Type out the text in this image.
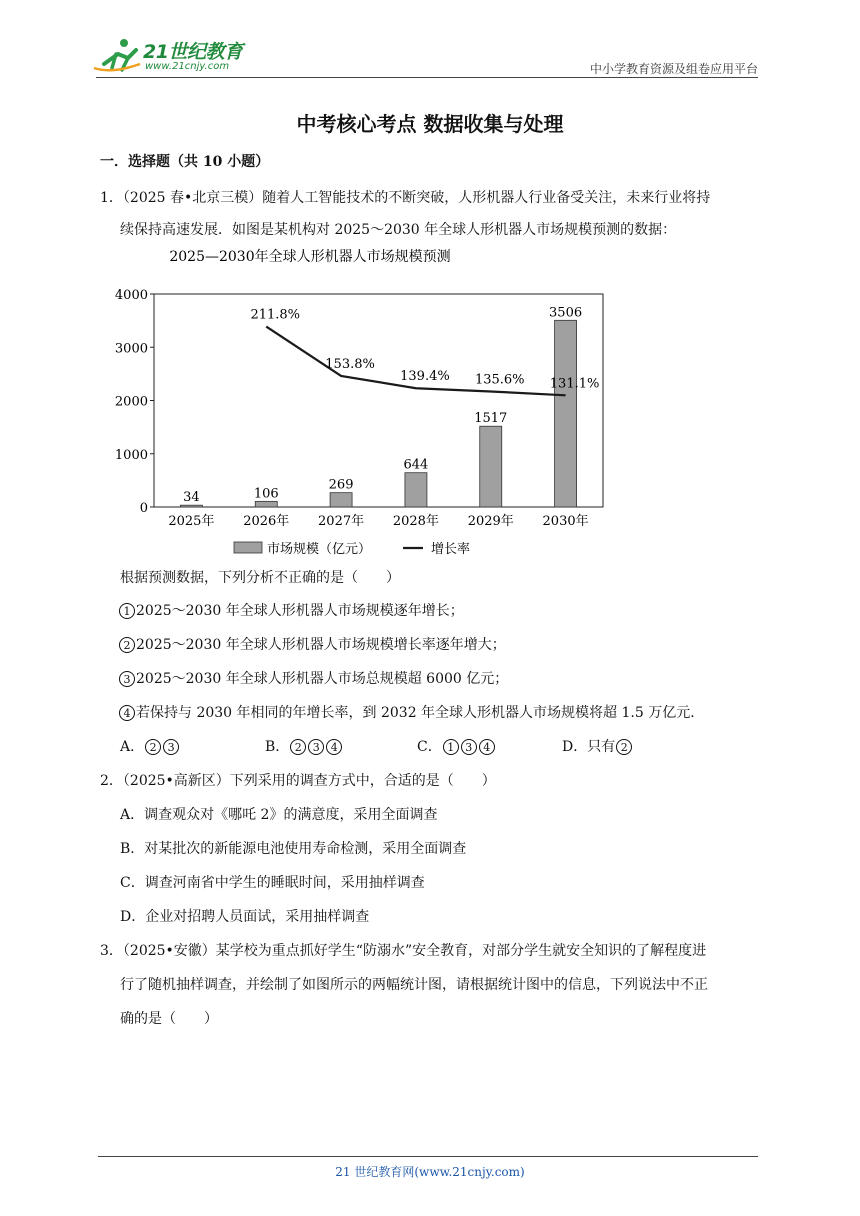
21世纪教育
www.21cnjy.com	中小学教育资源及组卷应用平台
中考核心考点 数据收集与处理
一．选择题（共 10 小题）
1．（2025 春•北京三模）随着人工智能技术的不断突破，人形机器人行业备受关注，未来行业将持
续保持高速发展．如图是某机构对 2025～2030 年全球人形机器人市场规模预测的数据：
2025—2030年全球人形机器人市场规模预测
0
1000
2000
3000
4000
34	106
269
644
1517
3506
2025年 2026年 2027年 2028年 2029年 2030年
211.8%
153.8%
139.4% 135.6% 131.1%
市场规模（亿元）	增长率
根据预测数据，下列分析不正确的是（　　）
1 2025～2030 年全球人形机器人市场规模逐年增长；
2 2025～2030 年全球人形机器人市场规模增长率逐年增大；
3 2025～2030 年全球人形机器人市场总规模超 6000 亿元；
4 若保持与 2030 年相同的年增长率，到 2032 年全球人形机器人市场规模将超 1.5 万亿元．
A． 2 3	B． 2 3 4	C． 1 3 4	D．只有 2
2．（2025•高新区）下列采用的调查方式中，合适的是（　　）
A．调查观众对《哪吒 2》的满意度，采用全面调查
B．对某批次的新能源电池使用寿命检测，采用全面调查
C．调查河南省中学生的睡眠时间，采用抽样调查
D．企业对招聘人员面试，采用抽样调查
3．（2025•安徽）某学校为重点抓好学生“防溺水”安全教育，对部分学生就安全知识的了解程度进
行了随机抽样调查，并绘制了如图所示的两幅统计图，请根据统计图中的信息，下列说法中不正
确的是（　　）
21 世纪教育网(www.21cnjy.com)
